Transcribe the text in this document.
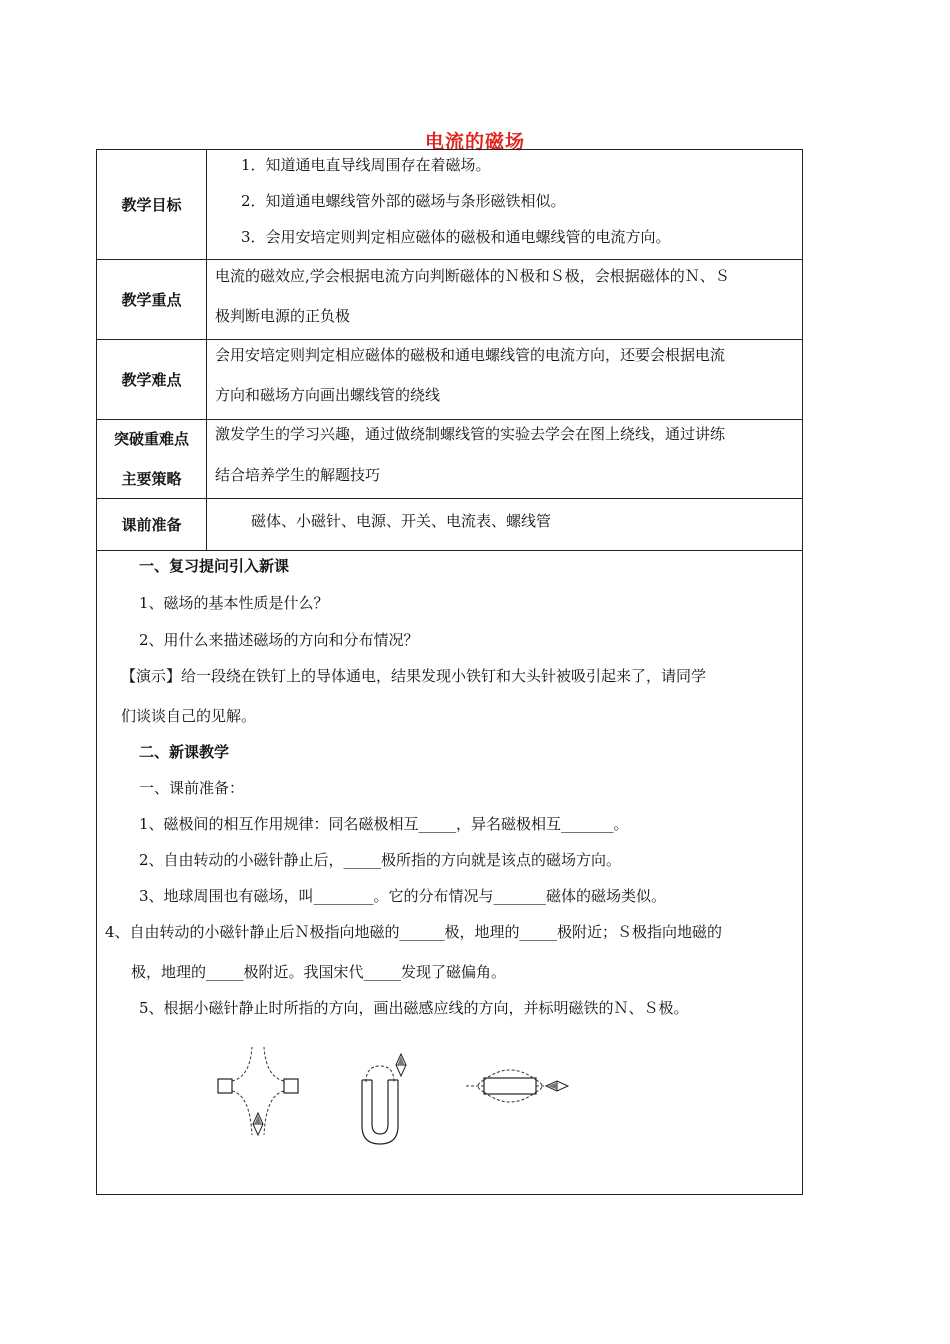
电流的磁场
教学目标
1．知道通电直导线周围存在着磁场。
2．知道通电螺线管外部的磁场与条形磁铁相似。
3．会用安培定则判定相应磁体的磁极和通电螺线管的电流方向。
教学重点
电流的磁效应,学会根据电流方向判断磁体的Ｎ极和Ｓ极，会根据磁体的Ｎ、Ｓ
极判断电源的正负极
教学难点
会用安培定则判定相应磁体的磁极和通电螺线管的电流方向，还要会根据电流
方向和磁场方向画出螺线管的绕线
突破重难点
主要策略
激发学生的学习兴趣，通过做绕制螺线管的实验去学会在图上绕线，通过讲练
结合培养学生的解题技巧
课前准备	磁体、小磁针、电源、开关、电流表、螺线管
一、复习提问引入新课
1、磁场的基本性质是什么？
2、用什么来描述磁场的方向和分布情况？
【演示】给一段绕在铁钉上的导体通电，结果发现小铁钉和大头针被吸引起来了，请同学
们谈谈自己的见解。
二、新课教学
一、课前准备：
1、磁极间的相互作用规律：同名磁极相互_____，异名磁极相互_______。
2、自由转动的小磁针静止后，_____极所指的方向就是该点的磁场方向。
3、地球周围也有磁场，叫________。它的分布情况与_______磁体的磁场类似。
4、自由转动的小磁针静止后Ｎ极指向地磁的______极，地理的_____极附近；Ｓ极指向地磁的
极，地理的_____极附近。我国宋代_____发现了磁偏角。
5、根据小磁针静止时所指的方向，画出磁感应线的方向，并标明磁铁的Ｎ、Ｓ极。
